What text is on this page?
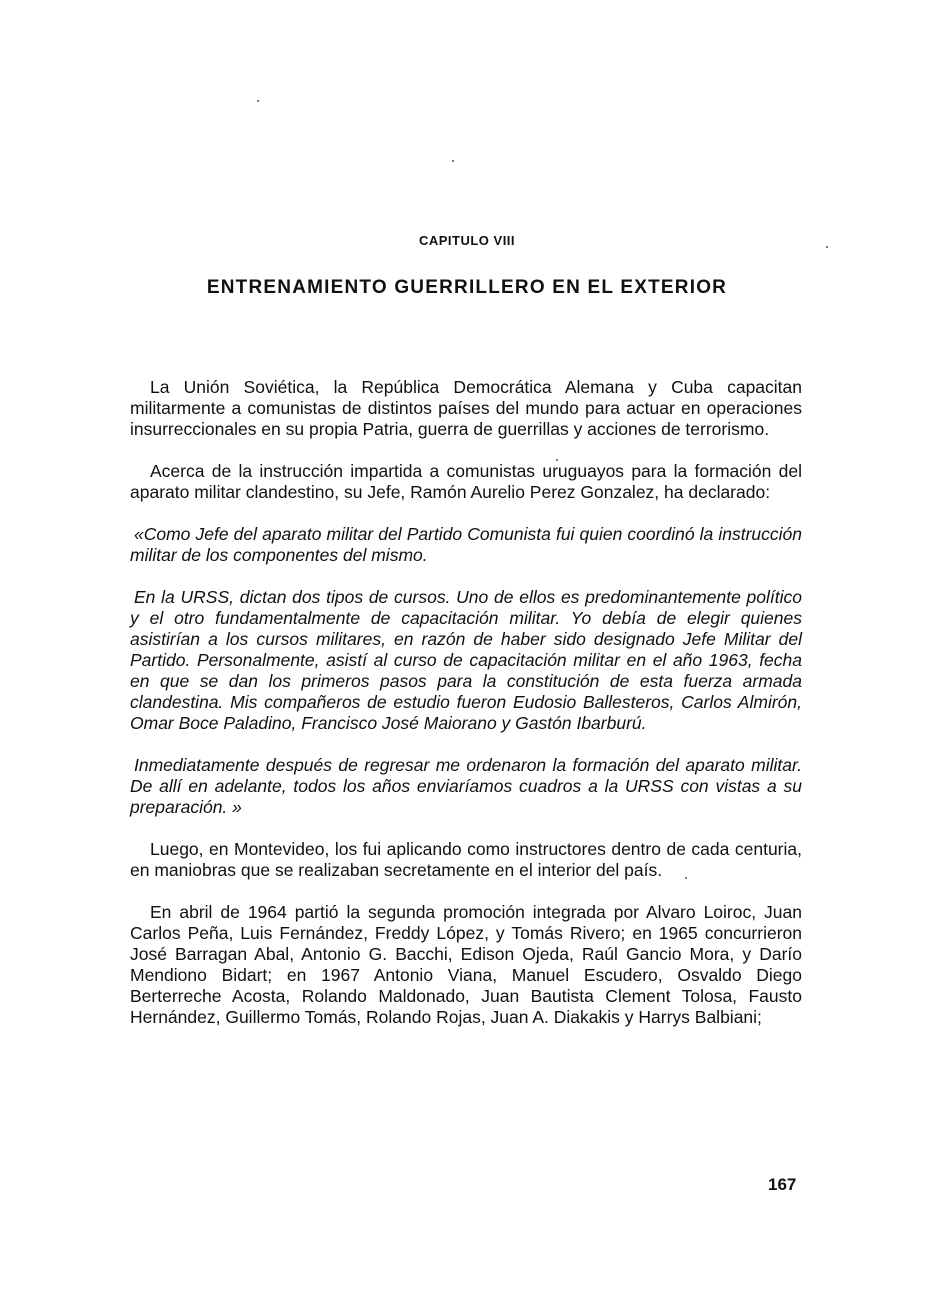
CAPITULO VIII
ENTRENAMIENTO GUERRILLERO EN EL EXTERIOR

La Unión Soviética, la República Democrática Alemana y Cuba capacitan militarmente a comunistas de distintos países del mundo para actuar en operaciones insurreccionales en su propia Patria, guerra de guerrillas y acciones de terrorismo.

Acerca de la instrucción impartida a comunistas uruguayos para la formación del aparato militar clandestino, su Jefe, Ramón Aurelio Perez Gonzalez, ha declarado:

«Como Jefe del aparato militar del Partido Comunista fui quien coordinó la instrucción militar de los componentes del mismo.

En la URSS, dictan dos tipos de cursos. Uno de ellos es predominantemente político y el otro fundamentalmente de capacitación militar. Yo debía de elegir quienes asistirían a los cursos militares, en razón de haber sido designado Jefe Militar del Partido. Personalmente, asistí al curso de capacitación militar en el año 1963, fecha en que se dan los primeros pasos para la constitución de esta fuerza armada clandestina. Mis compañeros de estudio fueron Eudosio Ballesteros, Carlos Almirón, Omar Boce Paladino, Francisco José Maiorano y Gastón Ibarburú.

Inmediatamente después de regresar me ordenaron la formación del aparato militar. De allí en adelante, todos los años enviaríamos cuadros a la URSS con vistas a su preparación. »

Luego, en Montevideo, los fui aplicando como instructores dentro de cada centuria, en maniobras que se realizaban secretamente en el interior del país.

En abril de 1964 partió la segunda promoción integrada por Alvaro Loiroc, Juan Carlos Peña, Luis Fernández, Freddy López, y Tomás Rivero; en 1965 concurrieron José Barragan Abal, Antonio G. Bacchi, Edison Ojeda, Raúl Gancio Mora, y Darío Mendiono Bidart; en 1967 Antonio Viana, Manuel Escudero, Osvaldo Diego Berterreche Acosta, Rolando Maldonado, Juan Bautista Clement Tolosa, Fausto Hernández, Guillermo Tomás, Rolando Rojas, Juan A. Diakakis y Harrys Balbiani;

167
